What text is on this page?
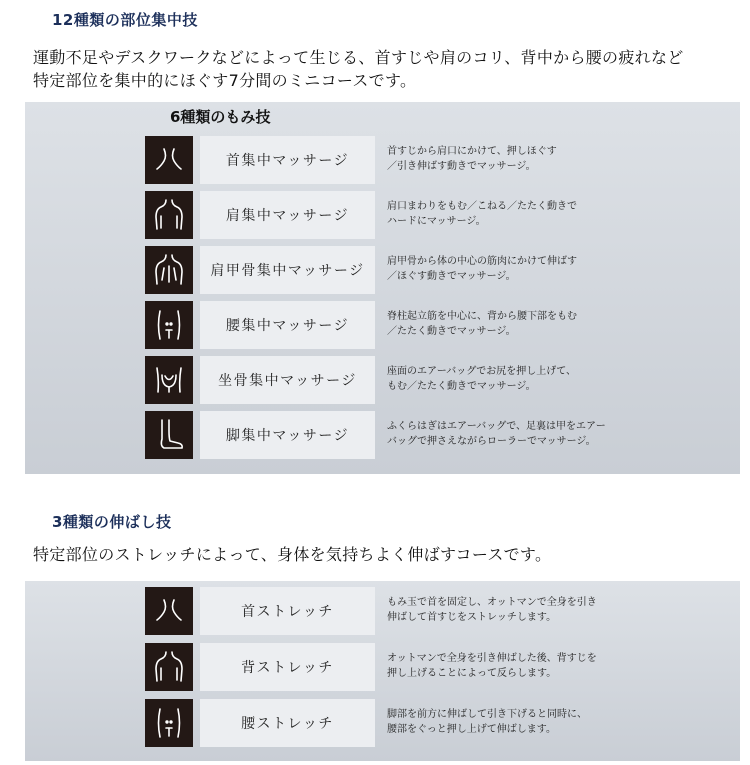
12種類の部位集中技
運動不足やデスクワークなどによって生じる、首すじや肩のコリ、背中から腰の疲れなど
特定部位を集中的にほぐす7分間のミニコースです。
6種類のもみ技
首集中マッサージ
首すじから肩口にかけて、押しほぐす
／引き伸ばす動きでマッサージ。
肩集中マッサージ
肩口まわりをもむ／こねる／たたく動きで
ハードにマッサージ。
肩甲骨集中マッサージ
肩甲骨から体の中心の筋肉にかけて伸ばす
／ほぐす動きでマッサージ。
腰集中マッサージ
脊柱起立筋を中心に、背から腰下部をもむ
／たたく動きでマッサージ。
坐骨集中マッサージ
座面のエアーバッグでお尻を押し上げて、
もむ／たたく動きでマッサージ。
脚集中マッサージ
ふくらはぎはエアーバッグで、足裏は甲をエアー
バッグで押さえながらローラーでマッサージ。
3種類の伸ばし技
特定部位のストレッチによって、身体を気持ちよく伸ばすコースです。
首ストレッチ
もみ玉で首を固定し、オットマンで全身を引き
伸ばして首すじをストレッチします。
背ストレッチ
オットマンで全身を引き伸ばした後、背すじを
押し上げることによって反らします。
腰ストレッチ
脚部を前方に伸ばして引き下げると同時に、
腰部をぐっと押し上げて伸ばします。
